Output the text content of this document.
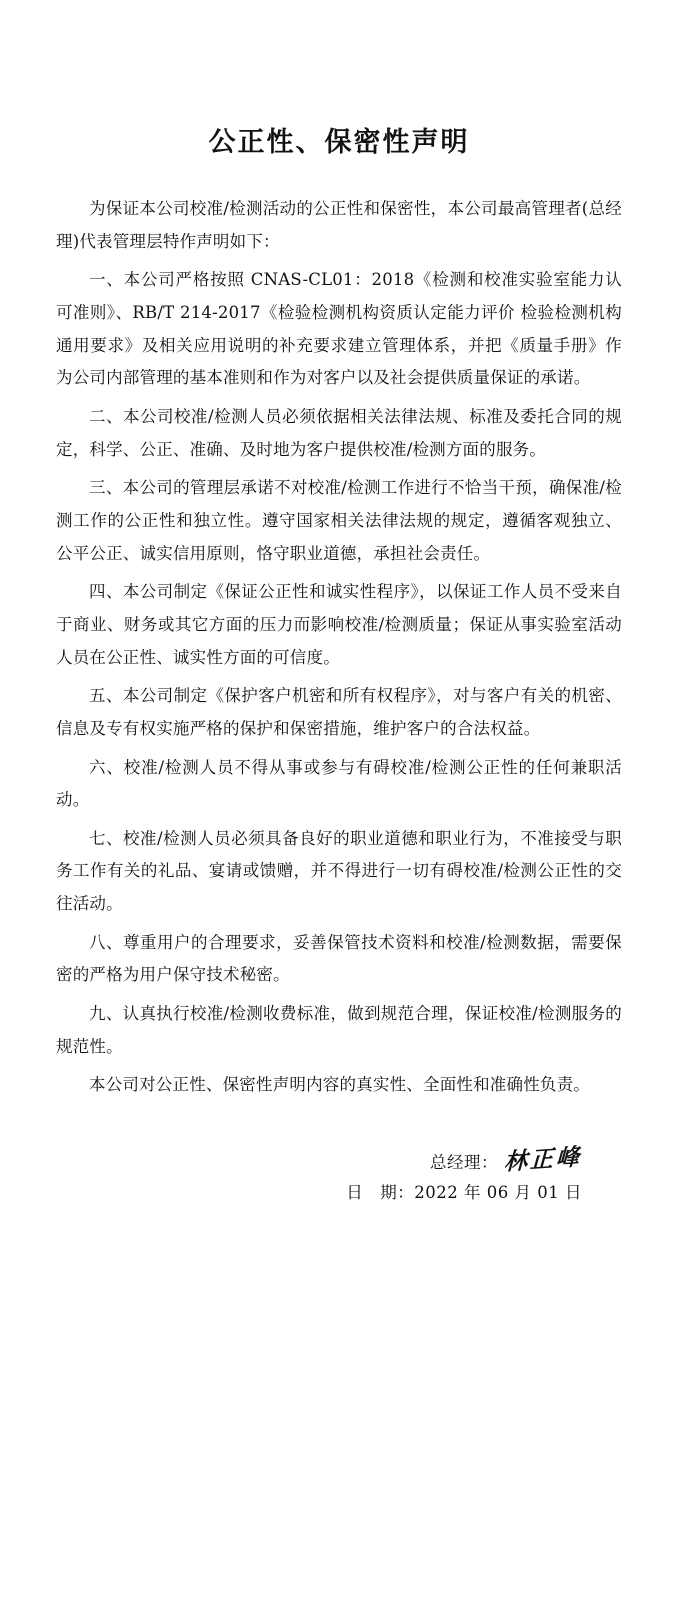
公正性、保密性声明

为保证本公司校准/检测活动的公正性和保密性，本公司最高管理者(总经理)代表管理层特作声明如下：

一、本公司严格按照 CNAS-CL01：2018《检测和校准实验室能力认可准则》、RB/T 214-2017《检验检测机构资质认定能力评价 检验检测机构通用要求》及相关应用说明的补充要求建立管理体系，并把《质量手册》作为公司内部管理的基本准则和作为对客户以及社会提供质量保证的承诺。

二、本公司校准/检测人员必须依据相关法律法规、标准及委托合同的规定，科学、公正、准确、及时地为客户提供校准/检测方面的服务。

三、本公司的管理层承诺不对校准/检测工作进行不恰当干预，确保准/检测工作的公正性和独立性。遵守国家相关法律法规的规定，遵循客观独立、公平公正、诚实信用原则，恪守职业道德，承担社会责任。

四、本公司制定《保证公正性和诚实性程序》，以保证工作人员不受来自于商业、财务或其它方面的压力而影响校准/检测质量；保证从事实验室活动人员在公正性、诚实性方面的可信度。

五、本公司制定《保护客户机密和所有权程序》，对与客户有关的机密、信息及专有权实施严格的保护和保密措施，维护客户的合法权益。

六、校准/检测人员不得从事或参与有碍校准/检测公正性的任何兼职活动。

七、校准/检测人员必须具备良好的职业道德和职业行为，不准接受与职务工作有关的礼品、宴请或馈赠，并不得进行一切有碍校准/检测公正性的交往活动。

八、尊重用户的合理要求，妥善保管技术资料和校准/检测数据，需要保密的严格为用户保守技术秘密。

九、认真执行校准/检测收费标准，做到规范合理，保证校准/检测服务的规范性。

本公司对公正性、保密性声明内容的真实性、全面性和准确性负责。

总经理： 林正峰
日　期：2022 年 06 月 01 日
